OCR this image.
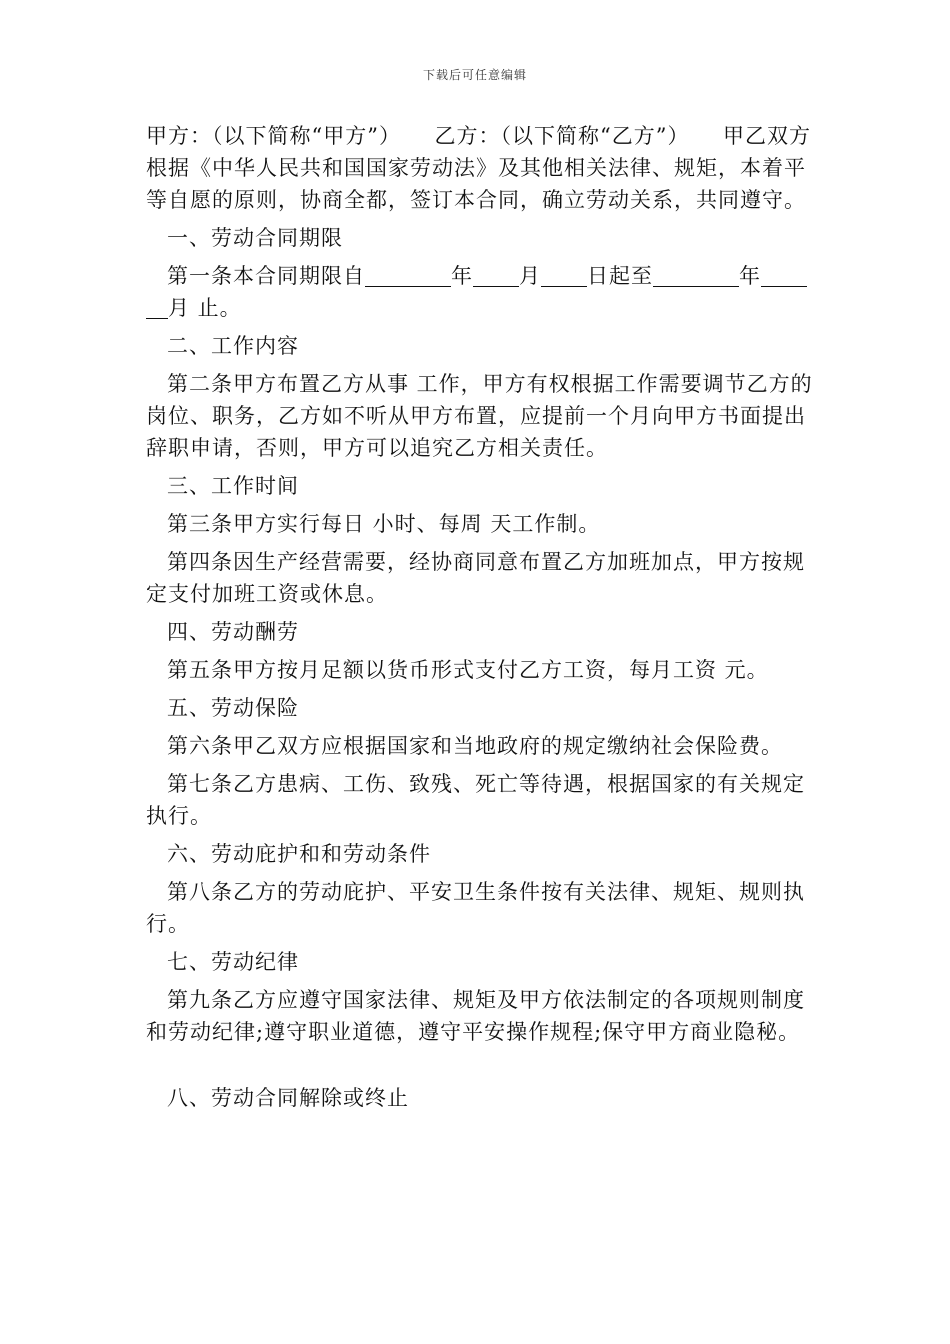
下载后可任意编辑

甲方：（以下简称“甲方”）　　乙方：（以下简称“乙方”）　　甲乙双方根据《中华人民共和国国家劳动法》及其他相关法律、规矩，本着平等自愿的原则，协商全都，签订本合同，确立劳动关系，共同遵守。

一、劳动合同期限

第一条本合同期限自	年 月 日起至	年
月 止。

二、工作内容

第二条甲方布置乙方从事 工作，甲方有权根据工作需要调节乙方的岗位、职务，乙方如不听从甲方布置，应提前一个月向甲方书面提出辞职申请，否则，甲方可以追究乙方相关责任。

三、工作时间

第三条甲方实行每日 小时、每周 天工作制。

第四条因生产经营需要，经协商同意布置乙方加班加点，甲方按规定支付加班工资或休息。

四、劳动酬劳

第五条甲方按月足额以货币形式支付乙方工资，每月工资 元。

五、劳动保险

第六条甲乙双方应根据国家和当地政府的规定缴纳社会保险费。

第七条乙方患病、工伤、致残、死亡等待遇，根据国家的有关规定执行。

六、劳动庇护和和劳动条件

第八条乙方的劳动庇护、平安卫生条件按有关法律、规矩、规则执行。

七、劳动纪律

第九条乙方应遵守国家法律、规矩及甲方依法制定的各项规则制度和劳动纪律;遵守职业道德，遵守平安操作规程;保守甲方商业隐秘。

八、劳动合同解除或终止
